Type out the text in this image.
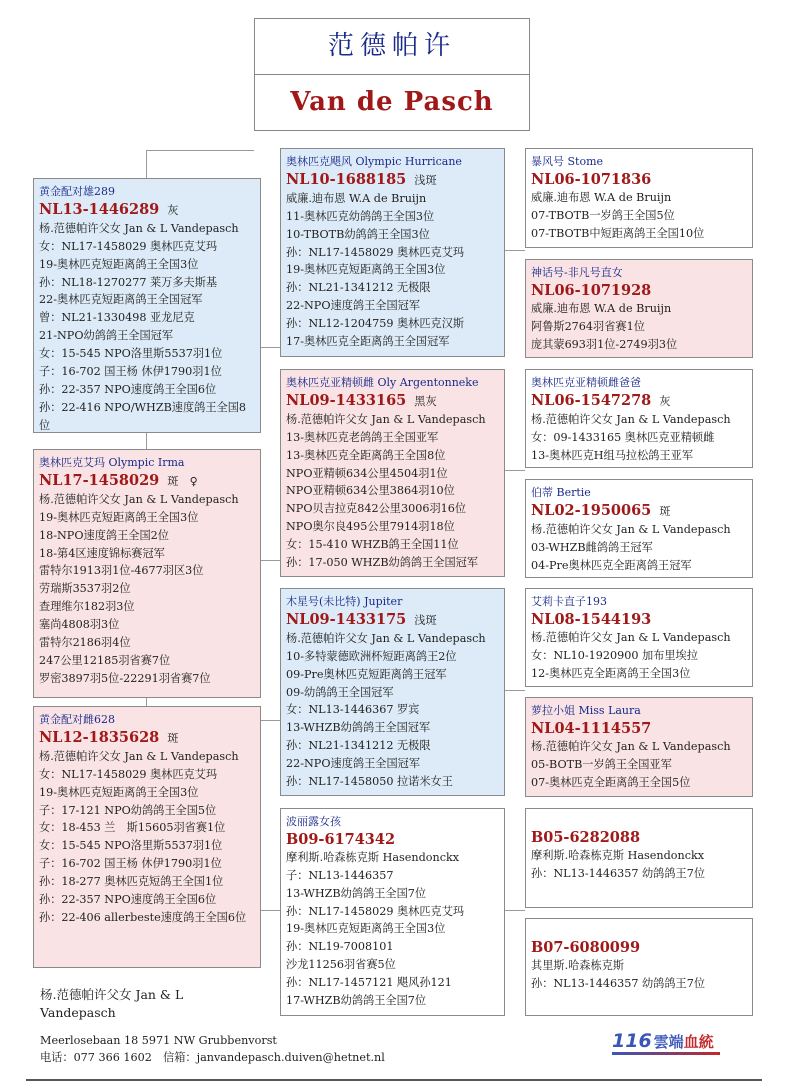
范德帕许
Van de Pasch
黄金配对雄289
NL13-1446289 灰
杨.范德帕许父女 Jan & L Vandepasch
女：NL17-1458029 奥林匹克艾玛
19-奥林匹克短距离鸽王全国3位
孙：NL18-1270277 莱万多夫斯基
22-奥林匹克短距离鸽王全国冠军
曾：NL21-1330498 亚龙尼克
21-NPO幼鸽鸽王全国冠军
女：15-545 NPO洛里斯5537羽1位
子：16-702 国王杨 休伊1790羽1位
孙：22-357 NPO速度鸽王全国6位
孙：22-416 NPO/WHZB速度鸽王全国8位
奥林匹克艾玛 Olympic Irma
NL17-1458029 斑　♀
杨.范德帕许父女 Jan & L Vandepasch
19-奥林匹克短距离鸽王全国3位
18-NPO速度鸽王全国2位
18-第4区速度锦标赛冠军
雷特尔1913羽1位-4677羽区3位
劳瑞斯3537羽2位
查理维尔182羽3位
塞尚4808羽3位
雷特尔2186羽4位
247公里12185羽省赛7位
罗密3897羽5位-22291羽省赛7位
黄金配对雌628
NL12-1835628 斑
杨.范德帕许父女 Jan & L Vandepasch
女：NL17-1458029 奥林匹克艾玛
19-奥林匹克短距离鸽王全国3位
子：17-121 NPO幼鸽鸽王全国5位
女：18-453 兰　斯15605羽省赛1位
女：15-545 NPO洛里斯5537羽1位
子：16-702 国王杨 休伊1790羽1位
孙：18-277 奥林匹克短鸽王全国1位
孙：22-357 NPO速度鸽王全国6位
孙：22-406 allerbeste速度鸽王全国6位
奥林匹克飓风 Olympic Hurricane
NL10-1688185 浅斑
威廉.迪布恩 W.A de Bruijn
11-奥林匹克幼鸽鸽王全国3位
10-TBOTB幼鸽鸽王全国3位
孙：NL17-1458029 奥林匹克艾玛
19-奥林匹克短距离鸽王全国3位
孙：NL21-1341212 无极限
22-NPO速度鸽王全国冠军
孙：NL12-1204759 奥林匹克汉斯
17-奥林匹克全距离鸽王全国冠军
奥林匹克亚精顿雌 Oly Argentonneke
NL09-1433165 黑灰
杨.范德帕许父女 Jan & L Vandepasch
13-奥林匹克老鸽鸽王全国亚军
13-奥林匹克全距离鸽王全国8位
NPO亚精顿634公里4504羽1位
NPO亚精顿634公里3864羽10位
NPO贝吉拉克842公里3006羽16位
NPO奥尔良495公里7914羽18位
女：15-410 WHZB鸽王全国11位
孙：17-050 WHZB幼鸽鸽王全国冠军
木星号(未比特) Jupiter
NL09-1433175 浅斑
杨.范德帕许父女 Jan & L Vandepasch
10-多特蒙德欧洲杯短距离鸽王2位
09-Pre奥林匹克短距离鸽王冠军
09-幼鸽鸽王全国冠军
女：NL13-1446367 罗宾
13-WHZB幼鸽鸽王全国冠军
孙：NL21-1341212 无极限
22-NPO速度鸽王全国冠军
孙：NL17-1458050 拉诺米女王
波丽露女孩
B09-6174342
摩利斯.哈森栋克斯 Hasendonckx
子：NL13-1446357
13-WHZB幼鸽鸽王全国7位
孙：NL17-1458029 奥林匹克艾玛
19-奥林匹克短距离鸽王全国3位
孙：NL19-7008101
沙龙11256羽省赛5位
孙：NL17-1457121 飓风孙121
17-WHZB幼鸽鸽王全国7位
暴风号 Stome
NL06-1071836
威廉.迪布恩 W.A de Bruijn
07-TBOTB一岁鸽王全国5位
07-TBOTB中短距离鸽王全国10位
神话号-非凡号直女
NL06-1071928
威廉.迪布恩 W.A de Bruijn
阿鲁斯2764羽省赛1位
庞其蒙693羽1位-2749羽3位
奥林匹克亚精顿雌爸爸
NL06-1547278 灰
杨.范德帕许父女 Jan & L Vandepasch
女：09-1433165 奥林匹克亚精顿雌
13-奥林匹克H组马拉松鸽王亚军
伯蒂 Bertie
NL02-1950065 斑
杨.范德帕许父女 Jan & L Vandepasch
03-WHZB雌鸽鸽王冠军
04-Pre奥林匹克全距离鸽王冠军
艾莉卡直子193
NL08-1544193
杨.范德帕许父女 Jan & L Vandepasch
女：NL10-1920900 加布里埃拉
12-奥林匹克全距离鸽王全国3位
萝拉小姐 Miss Laura
NL04-1114557
杨.范德帕许父女 Jan & L Vandepasch
05-BOTB一岁鸽王全国亚军
07-奥林匹克全距离鸽王全国5位
B05-6282088
摩利斯.哈森栋克斯 Hasendonckx
孙：NL13-1446357 幼鸽鸽王7位
B07-6080099
其里斯.哈森栋克斯
孙：NL13-1446357 幼鸽鸽王7位
杨.范德帕许父女 Jan & L Vandepasch
Meerlosebaan 18 5971 NW Grubbenvorst
电话：077 366 1602　信箱：janvandepasch.duiven@hetnet.nl
116 雲端血統
